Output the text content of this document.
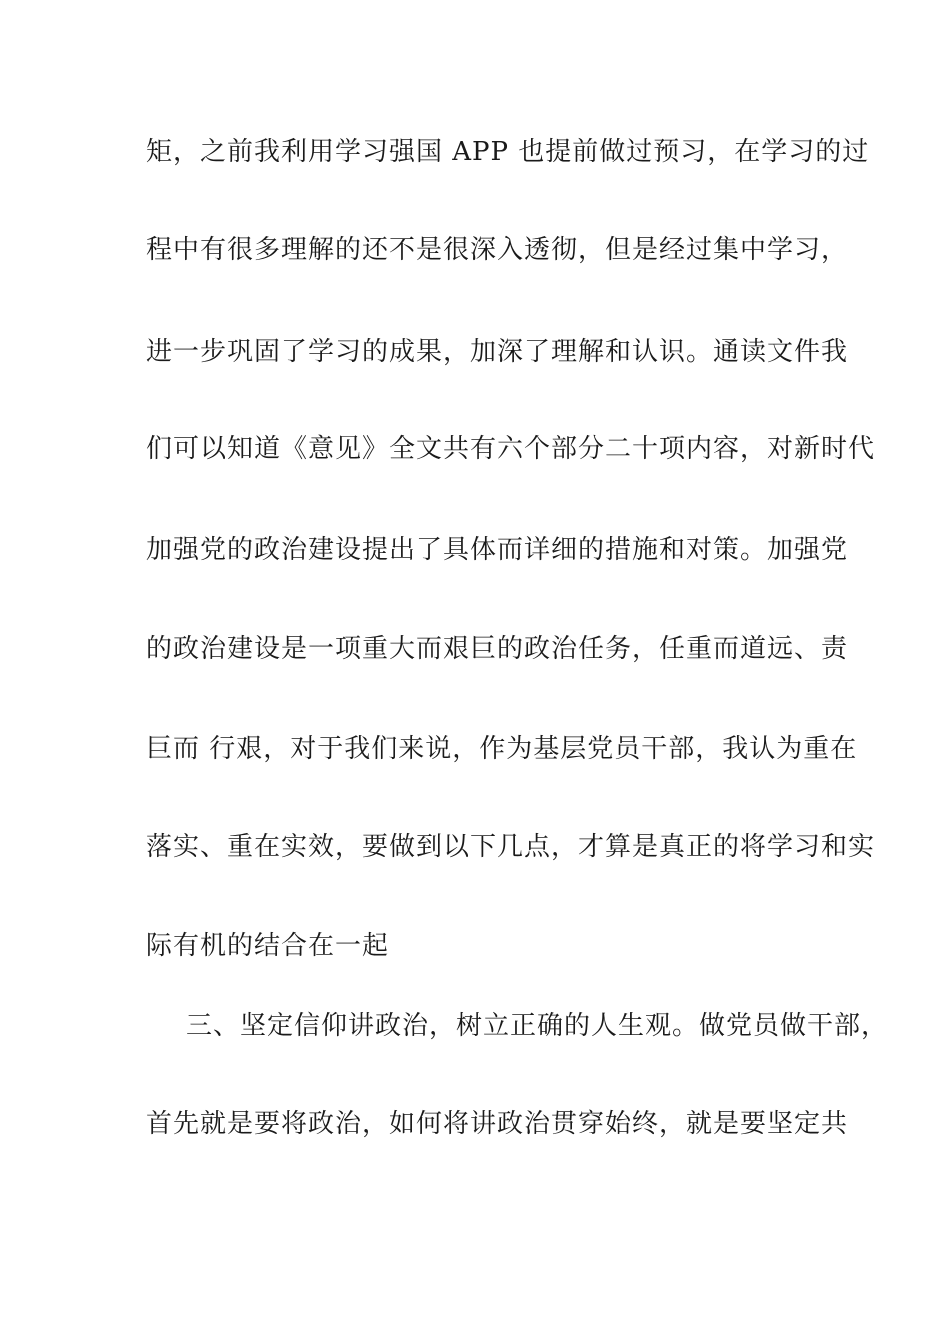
矩，之前我利用学习强国 APP 也提前做过预习，在学习的过
程中有很多理解的还不是很深入透彻，但是经过集中学习，
进一步巩固了学习的成果，加深了理解和认识。通读文件我
们可以知道《意见》全文共有六个部分二十项内容，对新时代
加强党的政治建设提出了具体而详细的措施和对策。加强党
的政治建设是一项重大而艰巨的政治任务，任重而道远、责
巨而 行艰，对于我们来说，作为基层党员干部，我认为重在
落实、重在实效，要做到以下几点，才算是真正的将学习和实
际有机的结合在一起
三、坚定信仰讲政治，树立正确的人生观。做党员做干部，
首先就是要将政治，如何将讲政治贯穿始终，就是要坚定共
